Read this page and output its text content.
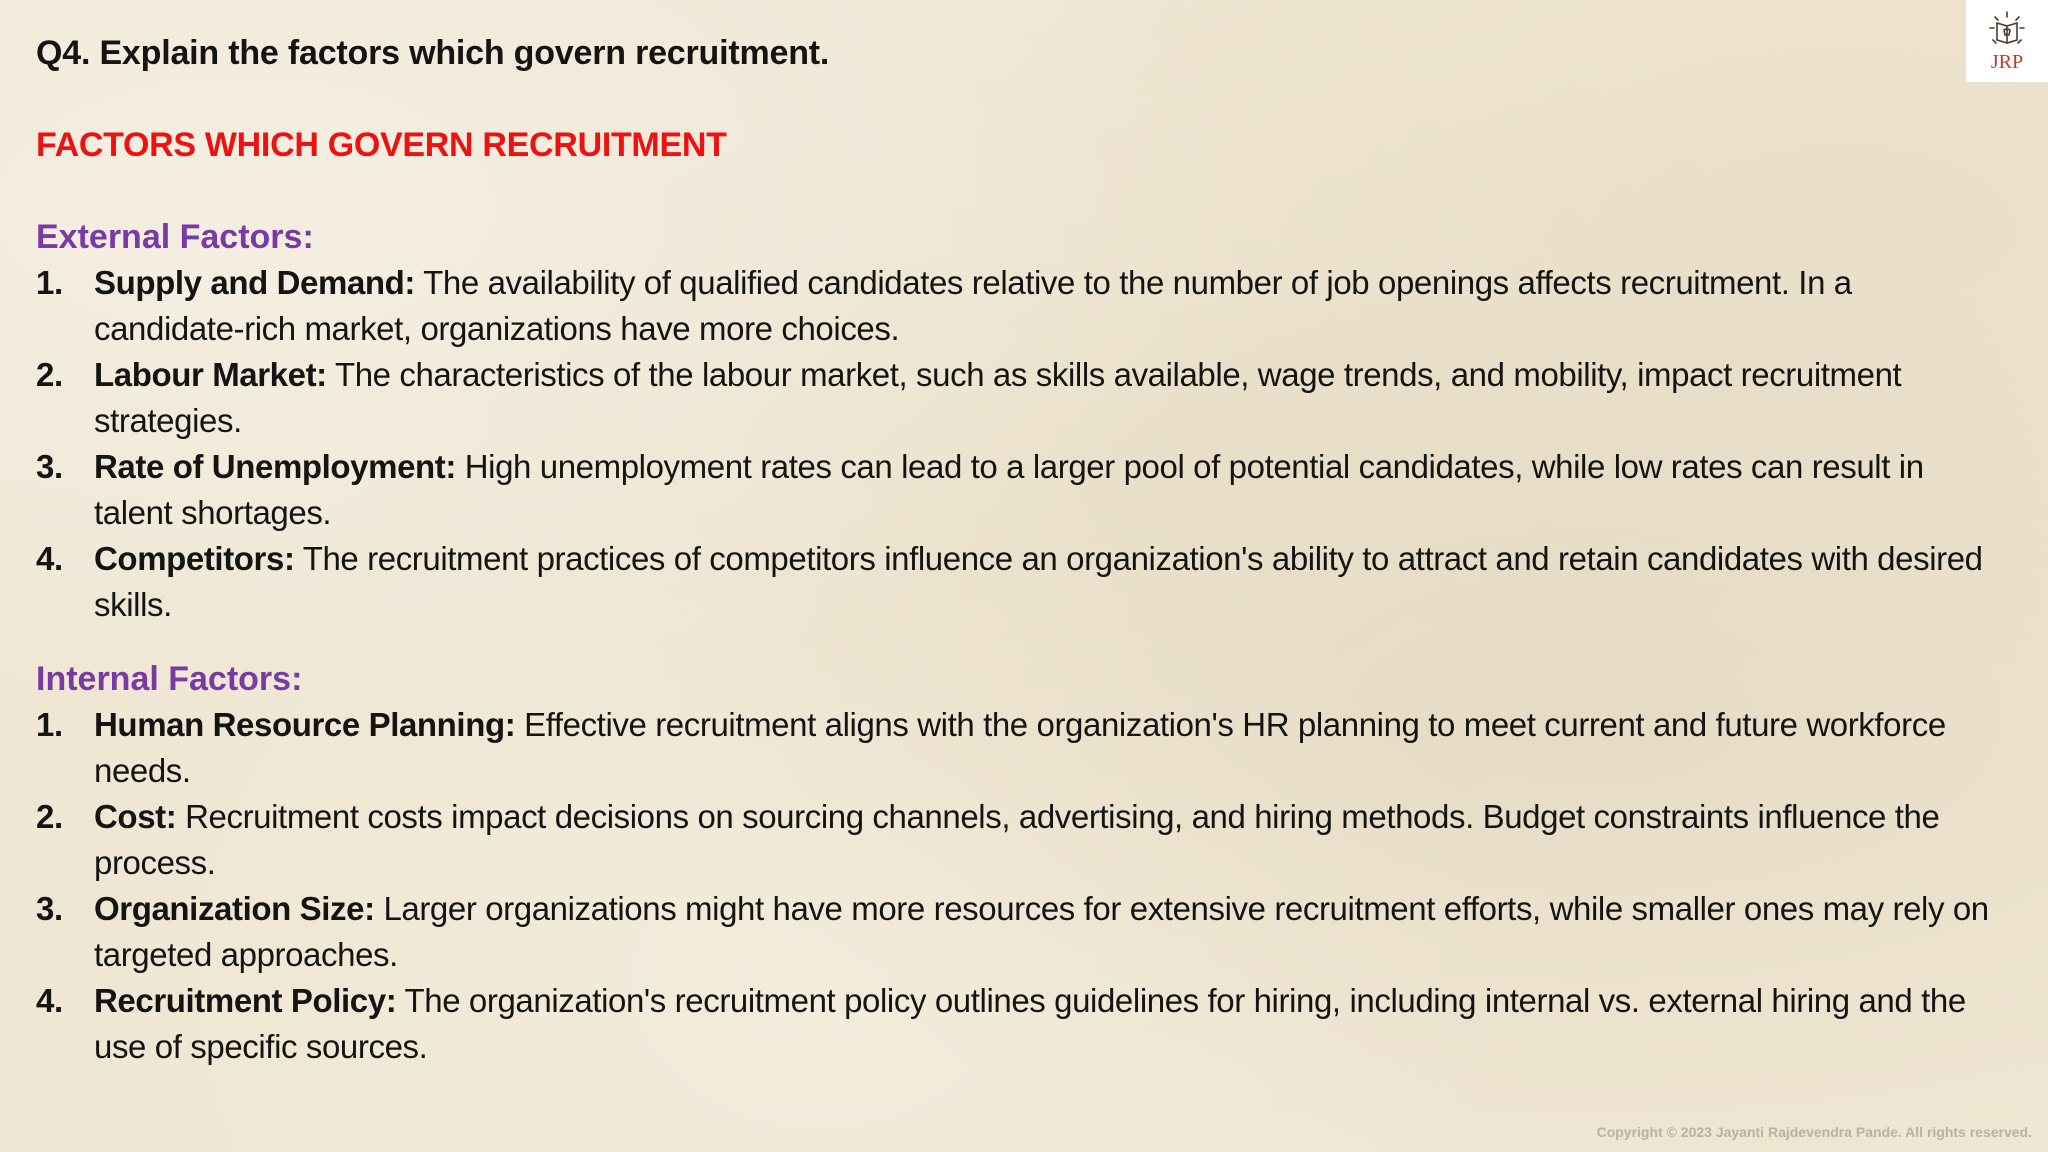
Q4. Explain the factors which govern recruitment.
FACTORS WHICH GOVERN RECRUITMENT
External Factors:
1. Supply and Demand: The availability of qualified candidates relative to the number of job openings affects recruitment. In a candidate-rich market, organizations have more choices.
2. Labour Market: The characteristics of the labour market, such as skills available, wage trends, and mobility, impact recruitment strategies.
3. Rate of Unemployment: High unemployment rates can lead to a larger pool of potential candidates, while low rates can result in talent shortages.
4. Competitors: The recruitment practices of competitors influence an organization's ability to attract and retain candidates with desired skills.
Internal Factors:
1. Human Resource Planning: Effective recruitment aligns with the organization's HR planning to meet current and future workforce needs.
2. Cost: Recruitment costs impact decisions on sourcing channels, advertising, and hiring methods. Budget constraints influence the process.
3. Organization Size: Larger organizations might have more resources for extensive recruitment efforts, while smaller ones may rely on targeted approaches.
4. Recruitment Policy: The organization's recruitment policy outlines guidelines for hiring, including internal vs. external hiring and the use of specific sources.
JRP
Copyright © 2023 Jayanti Rajdevendra Pande. All rights reserved.
